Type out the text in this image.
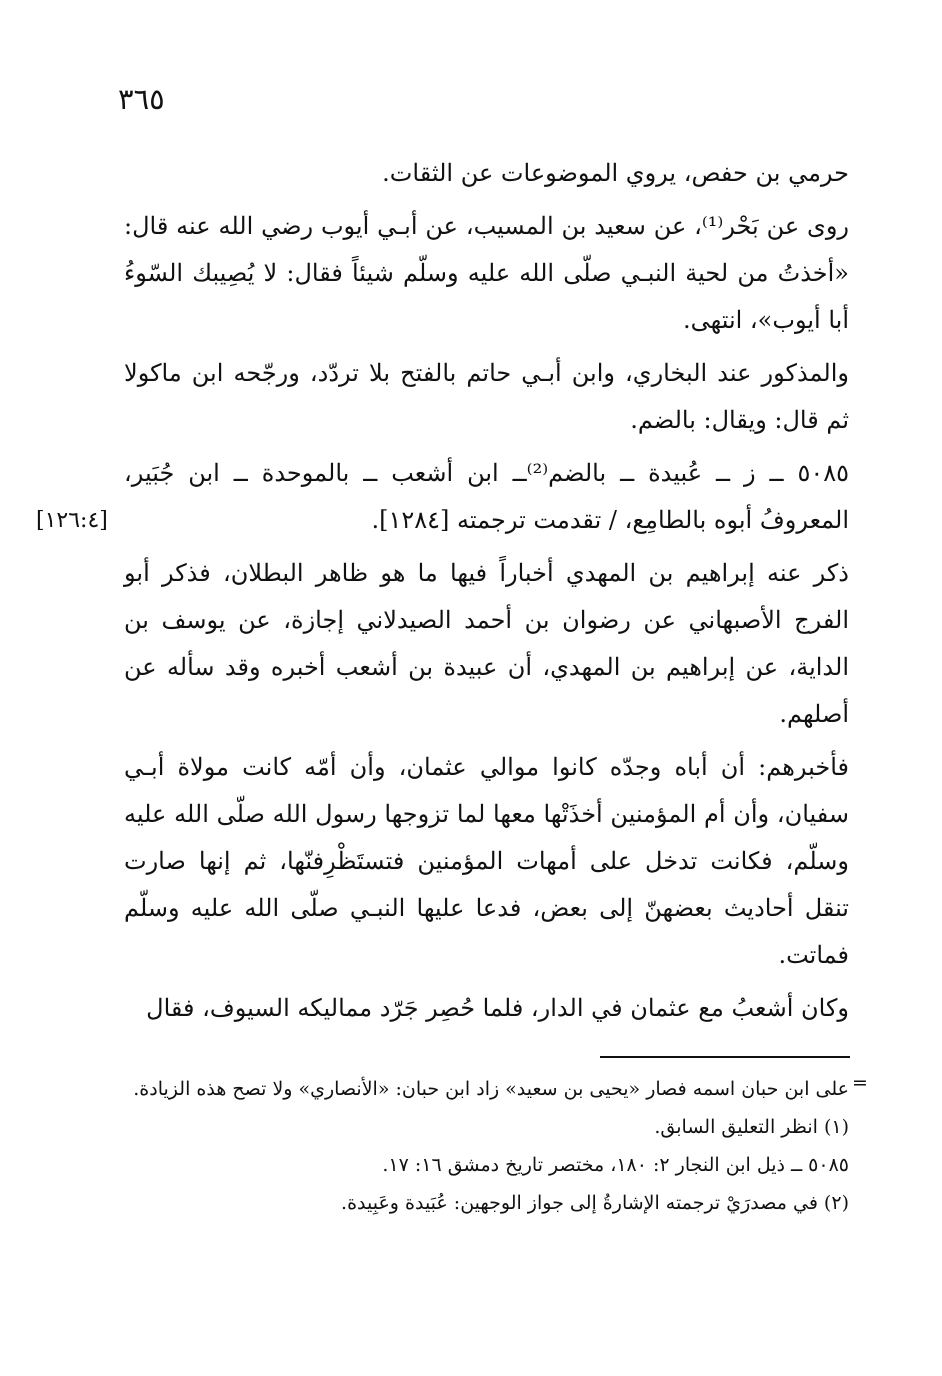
٣٦٥

حرمي بن حفص، يروي الموضوعات عن الثقات.

روى عن بَحْر⁽¹⁾، عن سعيد بن المسيب، عن أبـي أيوب رضي الله عنه قال: «أخذتُ من لحية النبـي صلّى الله عليه وسلّم شيئاً فقال: لا يُصِيبك السّوءُ أبا أيوب»، انتهى.

والمذكور عند البخاري، وابن أبـي حاتم بالفتح بلا تردّد، ورجّحه ابن ماكولا ثم قال: ويقال: بالضم.

٥٠٨٥ ــ ز ــ عُبيدة ــ بالضم⁽²⁾ــ ابن أشعب ــ بالموحدة ــ ابن جُبَير، المعروفُ أبوه بالطامِع، / تقدمت ترجمته [١٢٨٤].

ذكر عنه إبراهيم بن المهدي أخباراً فيها ما هو ظاهر البطلان، فذكر أبو الفرج الأصبهاني عن رضوان بن أحمد الصيدلاني إجازة، عن يوسف بن الداية، عن إبراهيم بن المهدي، أن عبيدة بن أشعب أخبره وقد سأله عن أصلهم.

فأخبرهم: أن أباه وجدّه كانوا موالي عثمان، وأن أمّه كانت مولاة أبـي سفيان، وأن أم المؤمنين أخذَتْها معها لما تزوجها رسول الله صلّى الله عليه وسلّم، فكانت تدخل على أمهات المؤمنين فتستَظْرِفنّها، ثم إنها صارت تنقل أحاديث بعضهنّ إلى بعض، فدعا عليها النبـي صلّى الله عليه وسلّم فماتت.

وكان أشعبُ مع عثمان في الدار، فلما حُصِر جَرّد مماليكه السيوف، فقال

[١٢٦:٤]
=

على ابن حبان اسمه فصار «يحيى بن سعيد» زاد ابن حبان: «الأنصاري» ولا تصح هذه الزيادة.

(١) انظر التعليق السابق.

٥٠٨٥ ــ ذيل ابن النجار ٢: ١٨٠، مختصر تاريخ دمشق ١٦: ١٧.

(٢) في مصدرَيْ ترجمته الإشارةُ إلى جواز الوجهين: عُبَيدة وعَبِيدة.
